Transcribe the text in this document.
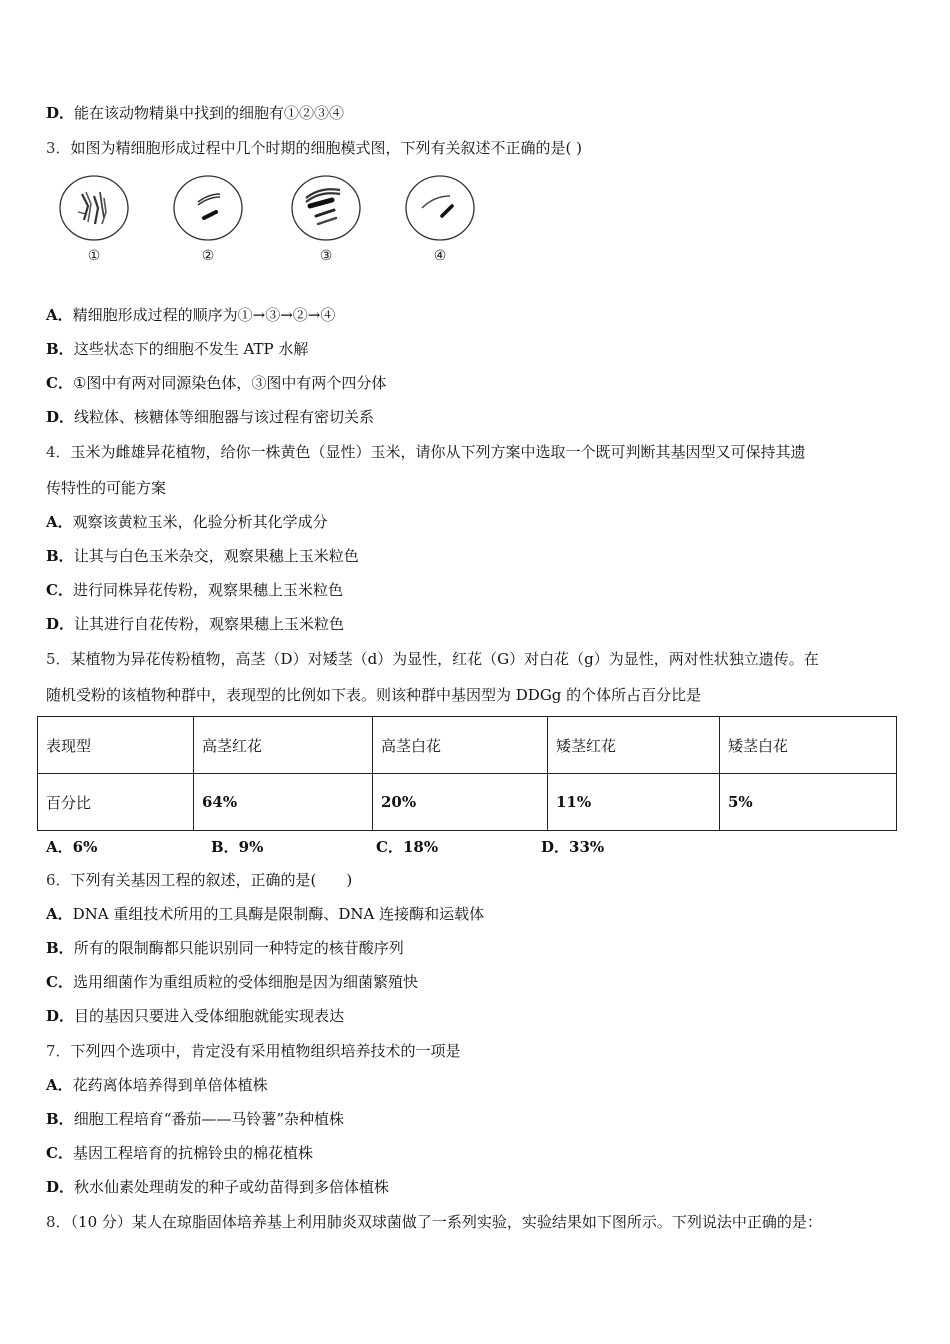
D．能在该动物精巢中找到的细胞有①②③④
3．如图为精细胞形成过程中几个时期的细胞模式图，下列有关叙述不正确的是( )
①	②	③	④
A．精细胞形成过程的顺序为①→③→②→④
B．这些状态下的细胞不发生 ATP 水解
C．①图中有两对同源染色体，③图中有两个四分体
D．线粒体、核糖体等细胞器与该过程有密切关系
4．玉米为雌雄异花植物，给你一株黄色（显性）玉米，请你从下列方案中选取一个既可判断其基因型又可保持其遗
传特性的可能方案
A．观察该黄粒玉米，化验分析其化学成分
B．让其与白色玉米杂交，观察果穗上玉米粒色
C．进行同株异花传粉，观察果穗上玉米粒色
D．让其进行自花传粉，观察果穗上玉米粒色
5．某植物为异花传粉植物，高茎（D）对矮茎（d）为显性，红花（G）对白花（g）为显性，两对性状独立遗传。在
随机受粉的该植物种群中，表现型的比例如下表。则该种群中基因型为 DDGg 的个体所占百分比是
表现型	高茎红花	高茎白花	矮茎红花	矮茎白花
百分比	64%	20%	11%	5%
A．6%	B．9%	C．18%	D．33%
6．下列有关基因工程的叙述，正确的是(　　)
A．DNA 重组技术所用的工具酶是限制酶、DNA 连接酶和运载体
B．所有的限制酶都只能识别同一种特定的核苷酸序列
C．选用细菌作为重组质粒的受体细胞是因为细菌繁殖快
D．目的基因只要进入受体细胞就能实现表达
7．下列四个选项中，肯定没有采用植物组织培养技术的一项是
A．花药离体培养得到单倍体植株
B．细胞工程培育“番茄——马铃薯”杂种植株
C．基因工程培育的抗棉铃虫的棉花植株
D．秋水仙素处理萌发的种子或幼苗得到多倍体植株
8．（10 分）某人在琼脂固体培养基上利用肺炎双球菌做了一系列实验，实验结果如下图所示。下列说法中正确的是：
